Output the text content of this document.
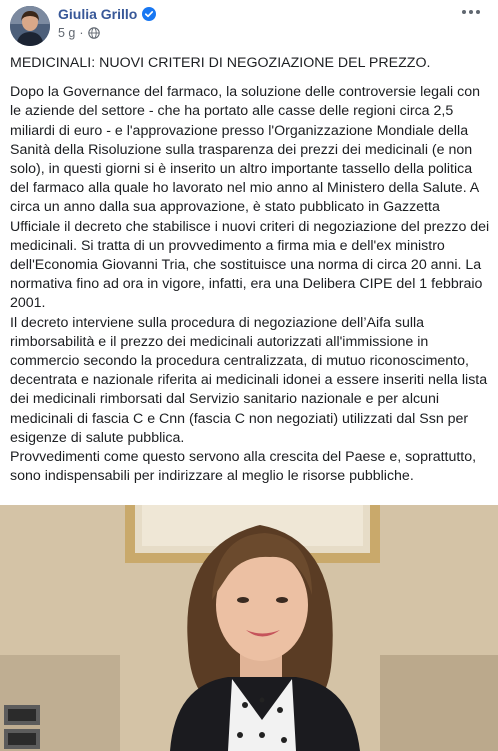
Giulia Grillo
5 g ·

MEDICINALI: NUOVI CRITERI DI NEGOZIAZIONE DEL PREZZO.

Dopo la Governance del farmaco, la soluzione delle controversie legali con le aziende del settore - che ha portato alle casse delle regioni circa 2,5 miliardi di euro - e l'approvazione presso l'Organizzazione Mondiale della Sanità della Risoluzione sulla trasparenza dei prezzi dei medicinali (e non solo), in questi giorni si è inserito un altro importante tassello della politica del farmaco alla quale ho lavorato nel mio anno al Ministero della Salute. A circa un anno dalla sua approvazione, è stato pubblicato in Gazzetta Ufficiale il decreto che stabilisce i nuovi criteri di negoziazione del prezzo dei medicinali. Si tratta di un provvedimento a firma mia e dell'ex ministro dell'Economia Giovanni Tria, che sostituisce una norma di circa 20 anni. La normativa fino ad ora in vigore, infatti, era una Delibera CIPE del 1 febbraio 2001.

Il decreto interviene sulla procedura di negoziazione dell’Aifa sulla rimborsabilità e il prezzo dei medicinali autorizzati all'immissione in commercio secondo la procedura centralizzata, di mutuo riconoscimento, decentrata e nazionale riferita ai medicinali idonei a essere inseriti nella lista dei medicinali rimborsati dal Servizio sanitario nazionale e per alcuni medicinali di fascia C e Cnn (fascia C non negoziati) utilizzati dal Ssn per esigenze di salute pubblica.

Provvedimenti come questo servono alla crescita del Paese e, soprattutto, sono indispensabili per indirizzare al meglio le risorse pubbliche.
